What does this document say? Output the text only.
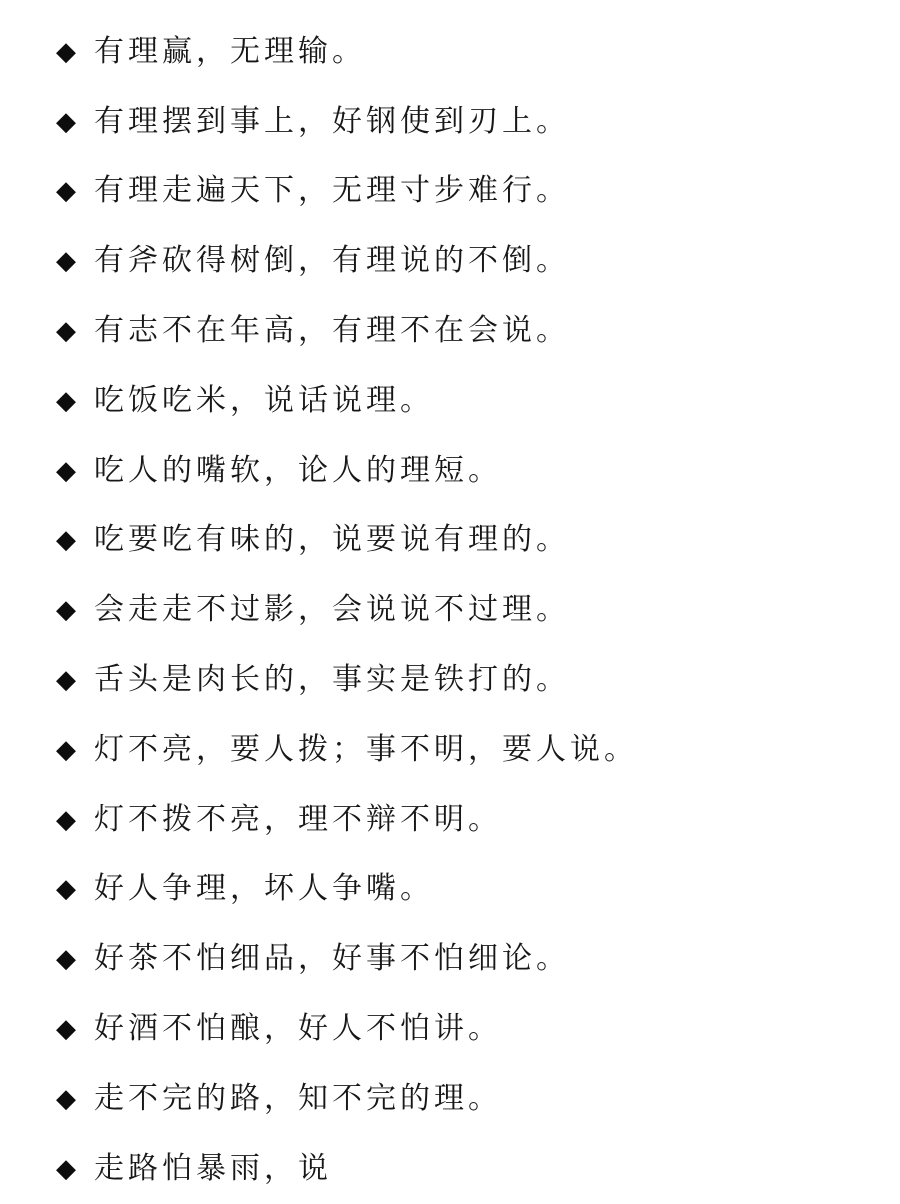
◆ 有理赢，无理输。
◆ 有理摆到事上，好钢使到刃上。
◆ 有理走遍天下，无理寸步难行。
◆ 有斧砍得树倒，有理说的不倒。
◆ 有志不在年高，有理不在会说。
◆ 吃饭吃米，说话说理。
◆ 吃人的嘴软，论人的理短。
◆ 吃要吃有味的，说要说有理的。
◆ 会走走不过影，会说说不过理。
◆ 舌头是肉长的，事实是铁打的。
◆ 灯不亮，要人拨；事不明，要人说。
◆ 灯不拨不亮，理不辩不明。
◆ 好人争理，坏人争嘴。
◆ 好茶不怕细品，好事不怕细论。
◆ 好酒不怕酿，好人不怕讲。
◆ 走不完的路，知不完的理。
◆ 走路怕暴雨，说
